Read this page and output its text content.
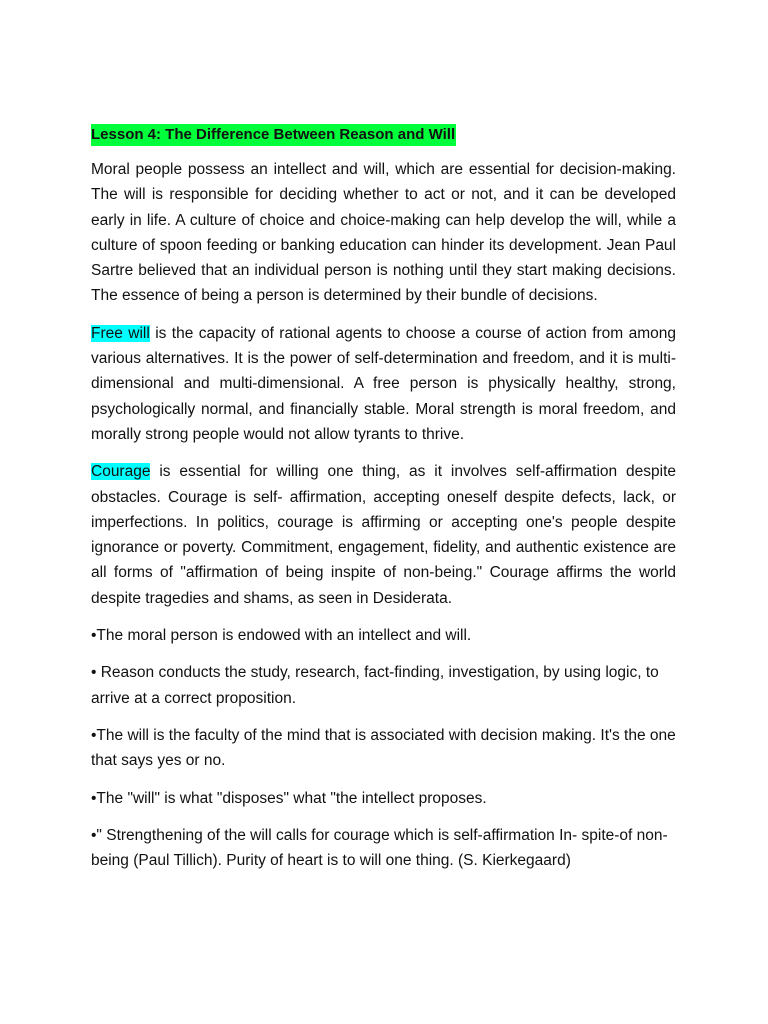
Lesson 4: The Difference Between Reason and Will

Moral people possess an intellect and will, which are essential for decision-making. The will is responsible for deciding whether to act or not, and it can be developed early in life. A culture of choice and choice-making can help develop the will, while a culture of spoon feeding or banking education can hinder its development. Jean Paul Sartre believed that an individual person is nothing until they start making decisions. The essence of being a person is determined by their bundle of decisions.

Free will is the capacity of rational agents to choose a course of action from among various alternatives. It is the power of self-determination and freedom, and it is multi-dimensional and multi-dimensional. A free person is physically healthy, strong, psychologically normal, and financially stable. Moral strength is moral freedom, and morally strong people would not allow tyrants to thrive.

Courage is essential for willing one thing, as it involves self-affirmation despite obstacles. Courage is self- affirmation, accepting oneself despite defects, lack, or imperfections. In politics, courage is affirming or accepting one's people despite ignorance or poverty. Commitment, engagement, fidelity, and authentic existence are all forms of "affirmation of being inspite of non-being." Courage affirms the world despite tragedies and shams, as seen in Desiderata.

•The moral person is endowed with an intellect and will.

• Reason conducts the study, research, fact-finding, investigation, by using logic, to arrive at a correct proposition.

•The will is the faculty of the mind that is associated with decision making. It's the one that says yes or no.

•The "will" is what "disposes" what "the intellect proposes.

•" Strengthening of the will calls for courage which is self-affirmation In- spite-of non-being (Paul Tillich). Purity of heart is to will one thing. (S. Kierkegaard)
